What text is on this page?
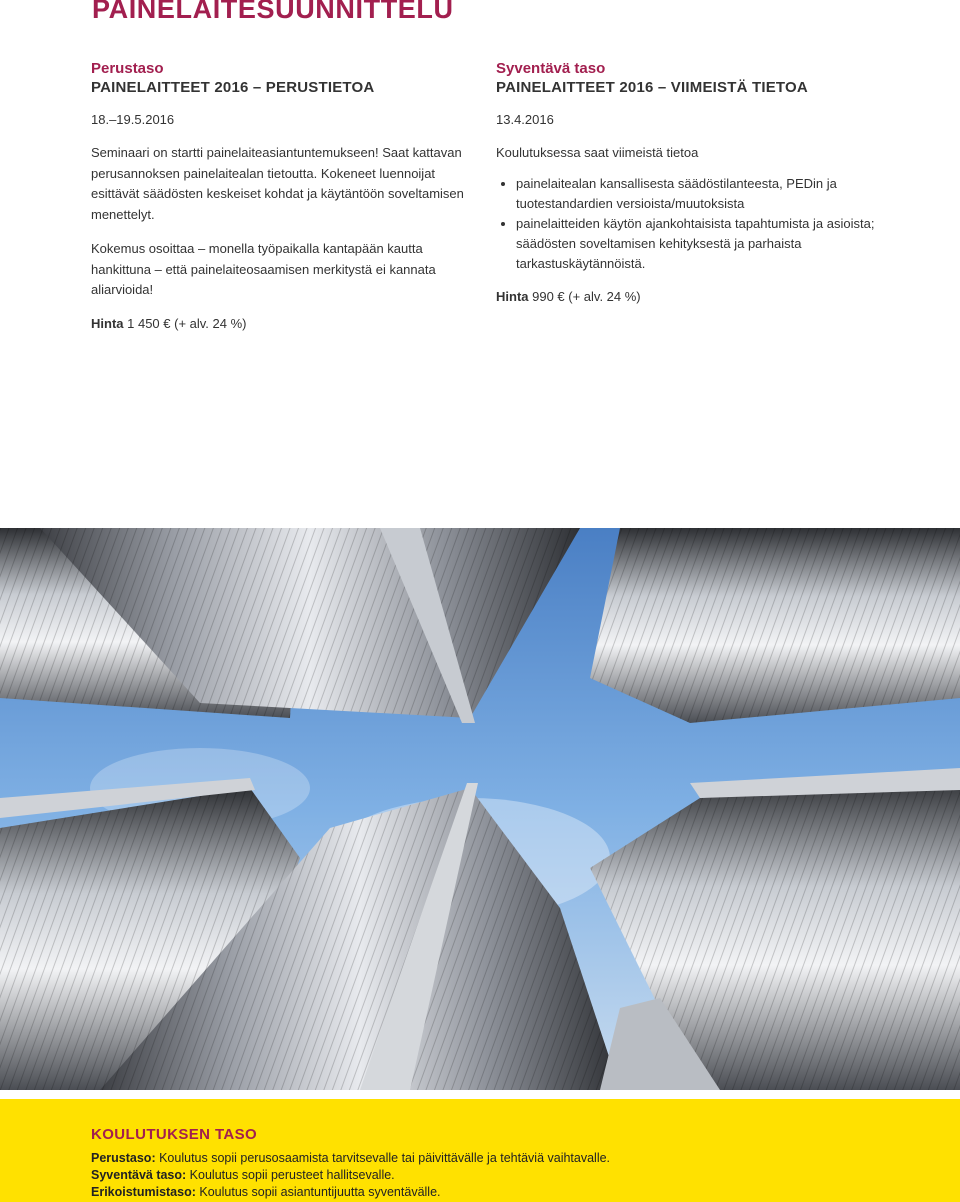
PAINELAITESUUNNITTELU
Perustaso
PAINELAITTEET 2016 – PERUSTIETOA
18.–19.5.2016

Seminaari on startti painelaiteasiantuntemukseen! Saat kattavan perusannoksen painelaitealan tietoutta. Kokeneet luennoijat esittävät säädösten keskeiset kohdat ja käytäntöön soveltamisen menettelyt.

Kokemus osoittaa – monella työpaikalla kantapään kautta hankittuna – että painelaiteosaamisen merkitystä ei kannata aliarvioida!

Hinta 1 450 € (+ alv. 24 %)
Syventävä taso
PAINELAITTEET 2016 – VIIMEISTÄ TIETOA
13.4.2016

Koulutuksessa saat viimeistä tietoa

• painelaitealan kansallisesta säädöstilanteesta, PEDin ja tuotestandardien versioista/muutoksista
• painelaitteiden käytön ajankohtaisista tapahtumista ja asioista; säädösten soveltamisen kehityksestä ja parhaista tarkastuskäytännöistä.
Hinta 990 € (+ alv. 24 %)
KOULUTUKSEN TASO
Perustaso: Koulutus sopii perusosaamista tarvitsevalle tai päivittävälle ja tehtäviä vaihtavalle.
Syventävä taso: Koulutus sopii perusteet hallitsevalle.
Erikoistumistaso: Koulutus sopii asiantuntijuutta syventävälle.
